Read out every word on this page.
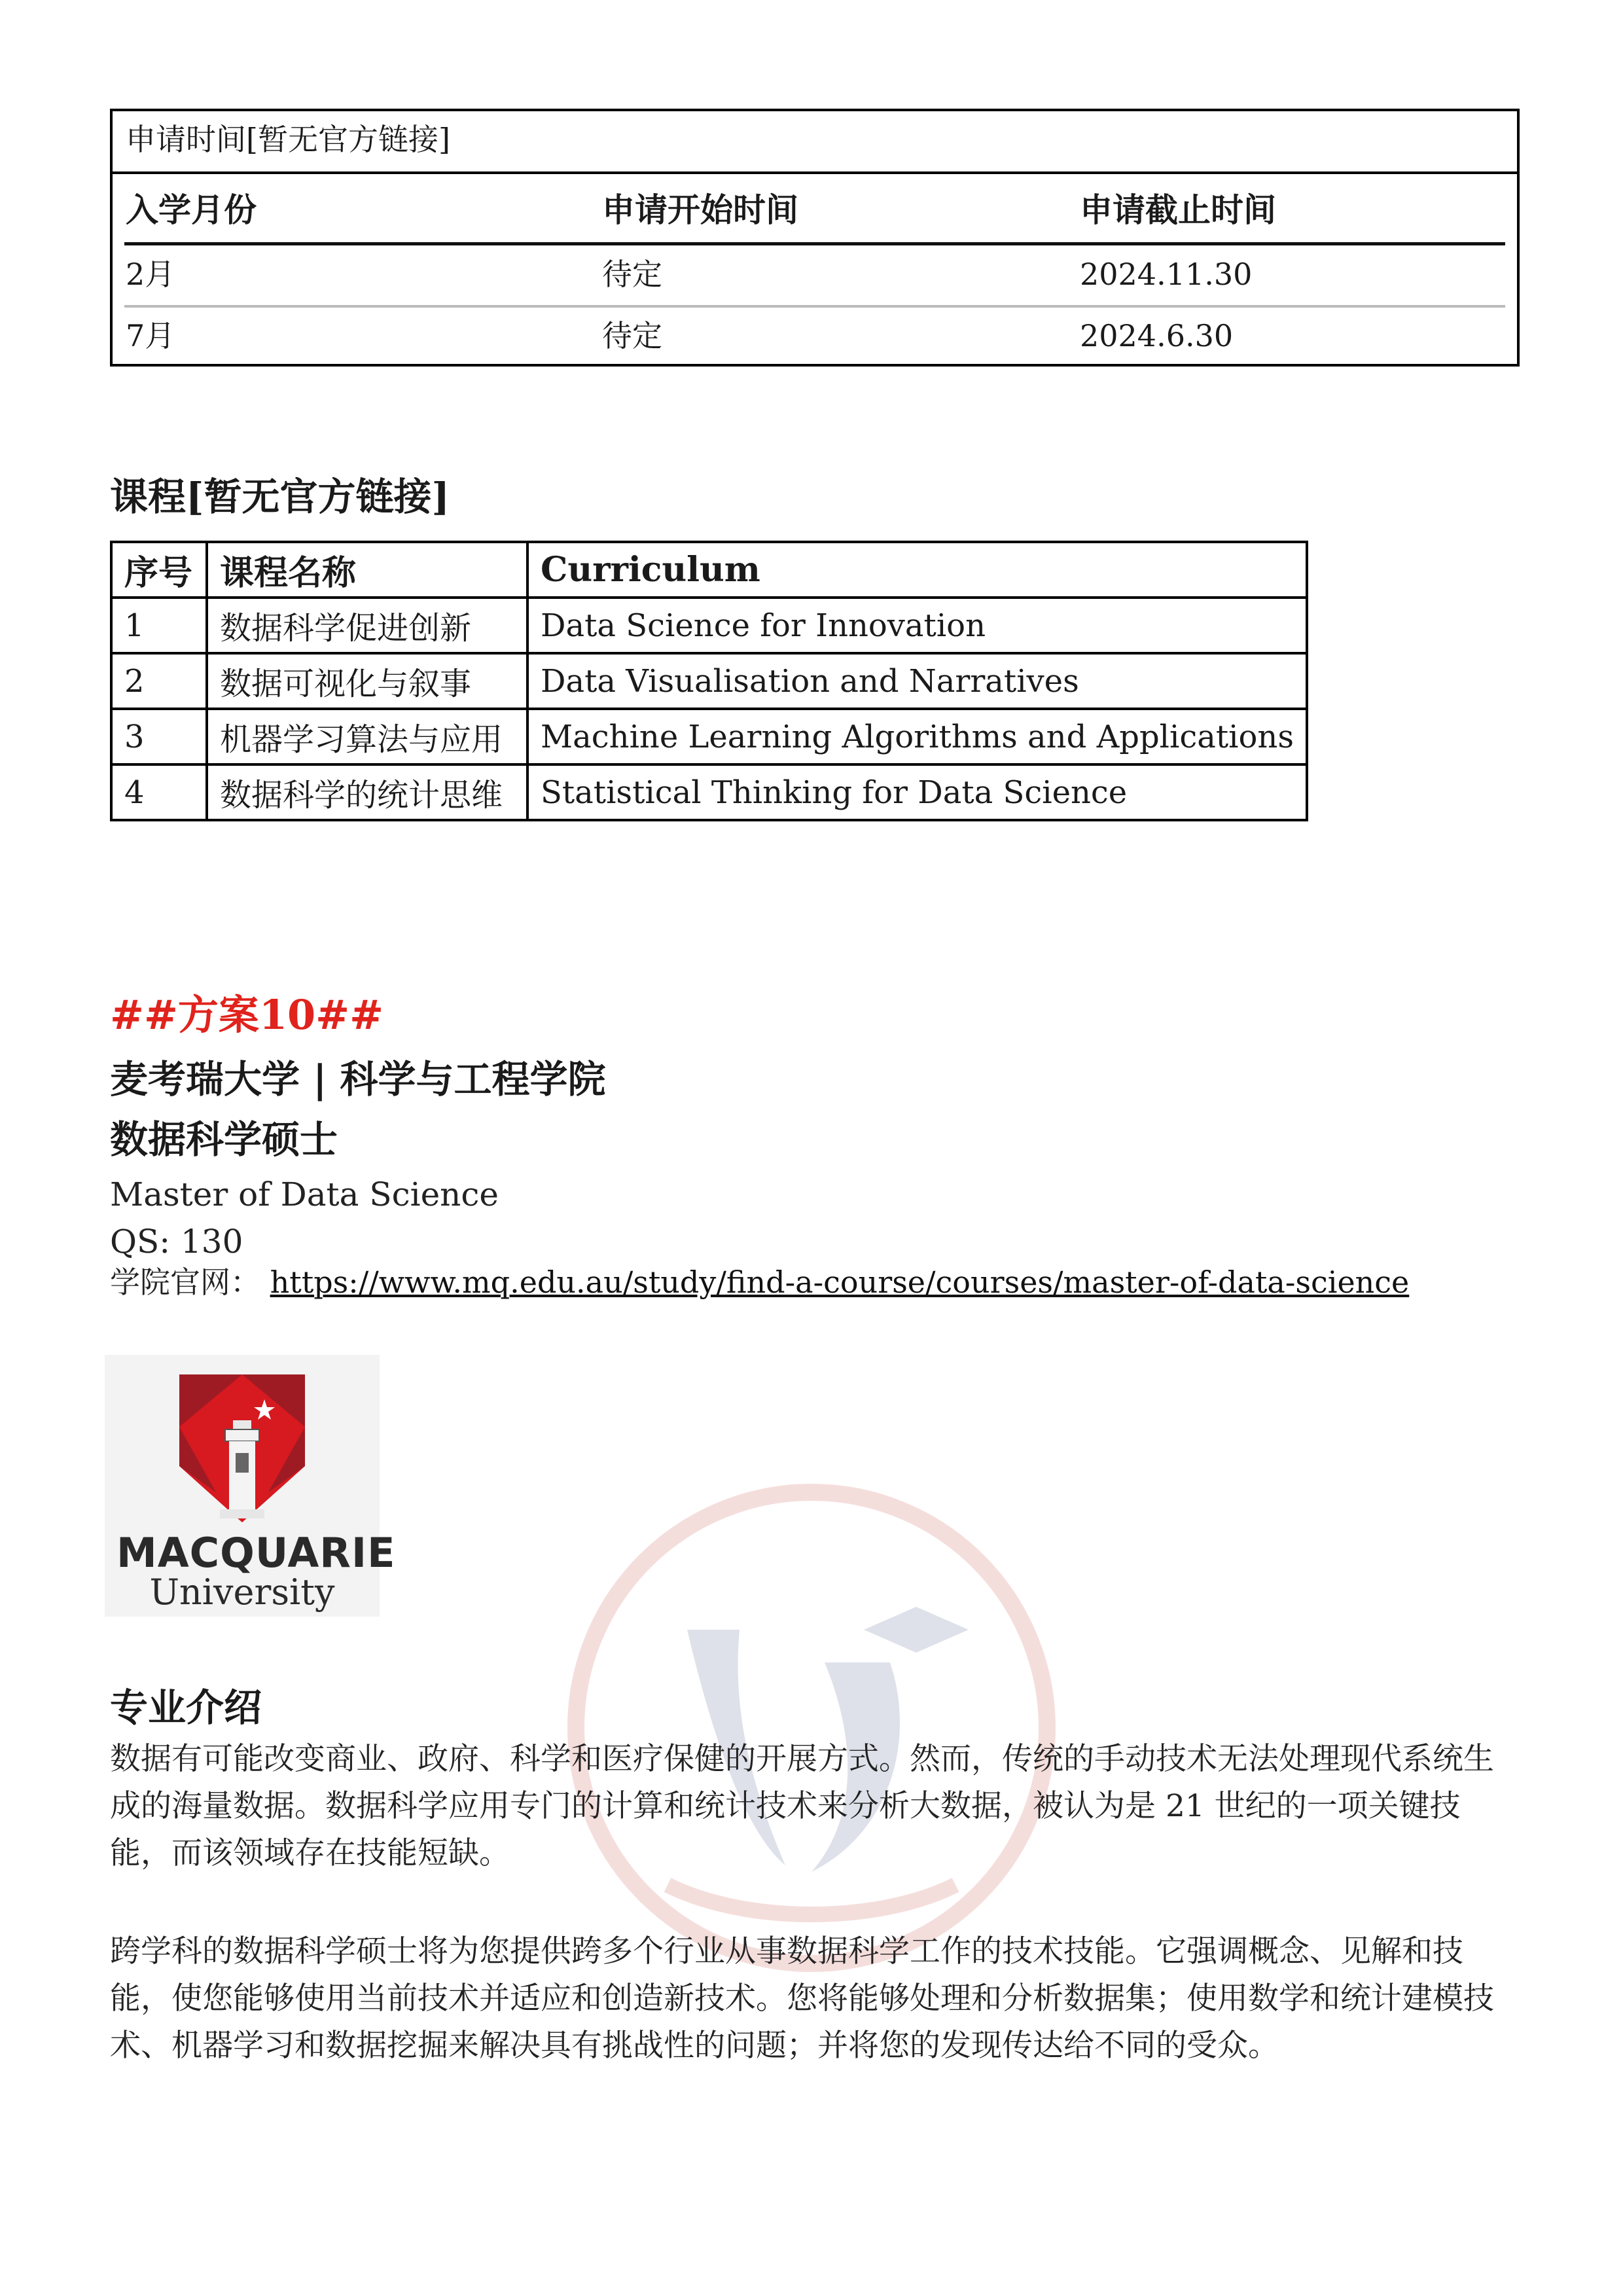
申请时间[暂无官方链接]
入学月份	申请开始时间	申请截止时间
2月	待定	2024.11.30
7月	待定	2024.6.30
课程[暂无官方链接]
序号	课程名称	Curriculum
1	数据科学促进创新	Data Science for Innovation
2	数据可视化与叙事	Data Visualisation and Narratives
3	机器学习算法与应用	Machine Learning Algorithms and Applications
4	数据科学的统计思维	Statistical Thinking for Data Science
##方案10##
麦考瑞大学 | 科学与工程学院
数据科学硕士
Master of Data Science
QS: 130
学院官网： https://www.mq.edu.au/study/find-a-course/courses/master-of-data-science
MACQUARIE
University
专业介绍

数据有可能改变商业、政府、科学和医疗保健的开展方式。然而，传统的手动技术无法处理现代系统生成的海量数据。数据科学应用专门的计算和统计技术来分析大数据，被认为是 21 世纪的一项关键技能，而该领域存在技能短缺。

跨学科的数据科学硕士将为您提供跨多个行业从事数据科学工作的技术技能。它强调概念、见解和技能，使您能够使用当前技术并适应和创造新技术。您将能够处理和分析数据集；使用数学和统计建模技术、机器学习和数据挖掘来解决具有挑战性的问题；并将您的发现传达给不同的受众。
